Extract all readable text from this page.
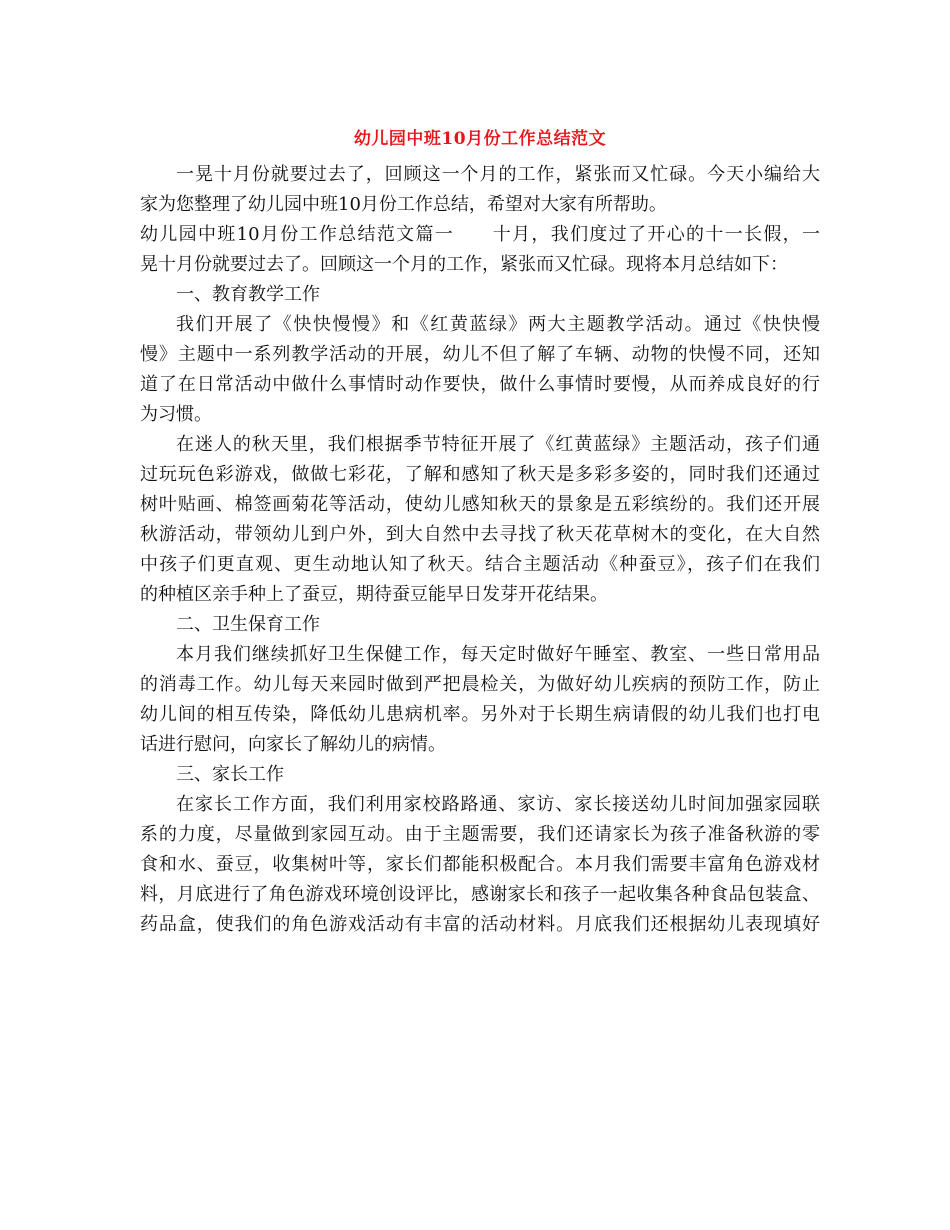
幼儿园中班10月份工作总结范文
一晃十月份就要过去了，回顾这一个月的工作，紧张而又忙碌。今天小编给大
家为您整理了幼儿园中班10月份工作总结，希望对大家有所帮助。
幼儿园中班10月份工作总结范文篇一　　十月，我们度过了开心的十一长假，一
晃十月份就要过去了。回顾这一个月的工作，紧张而又忙碌。现将本月总结如下：
一、教育教学工作
我们开展了《快快慢慢》和《红黄蓝绿》两大主题教学活动。通过《快快慢
慢》主题中一系列教学活动的开展，幼儿不但了解了车辆、动物的快慢不同，还知
道了在日常活动中做什么事情时动作要快，做什么事情时要慢，从而养成良好的行
为习惯。
在迷人的秋天里，我们根据季节特征开展了《红黄蓝绿》主题活动，孩子们通
过玩玩色彩游戏，做做七彩花，了解和感知了秋天是多彩多姿的，同时我们还通过
树叶贴画、棉签画菊花等活动，使幼儿感知秋天的景象是五彩缤纷的。我们还开展
秋游活动，带领幼儿到户外，到大自然中去寻找了秋天花草树木的变化，在大自然
中孩子们更直观、更生动地认知了秋天。结合主题活动《种蚕豆》，孩子们在我们
的种植区亲手种上了蚕豆，期待蚕豆能早日发芽开花结果。
二、卫生保育工作
本月我们继续抓好卫生保健工作，每天定时做好午睡室、教室、一些日常用品
的消毒工作。幼儿每天来园时做到严把晨检关，为做好幼儿疾病的预防工作，防止
幼儿间的相互传染，降低幼儿患病机率。另外对于长期生病请假的幼儿我们也打电
话进行慰问，向家长了解幼儿的病情。
三、家长工作
在家长工作方面，我们利用家校路路通、家访、家长接送幼儿时间加强家园联
系的力度，尽量做到家园互动。由于主题需要，我们还请家长为孩子准备秋游的零
食和水、蚕豆，收集树叶等，家长们都能积极配合。本月我们需要丰富角色游戏材
料，月底进行了角色游戏环境创设评比，感谢家长和孩子一起收集各种食品包装盒、
药品盒，使我们的角色游戏活动有丰富的活动材料。月底我们还根据幼儿表现填好
